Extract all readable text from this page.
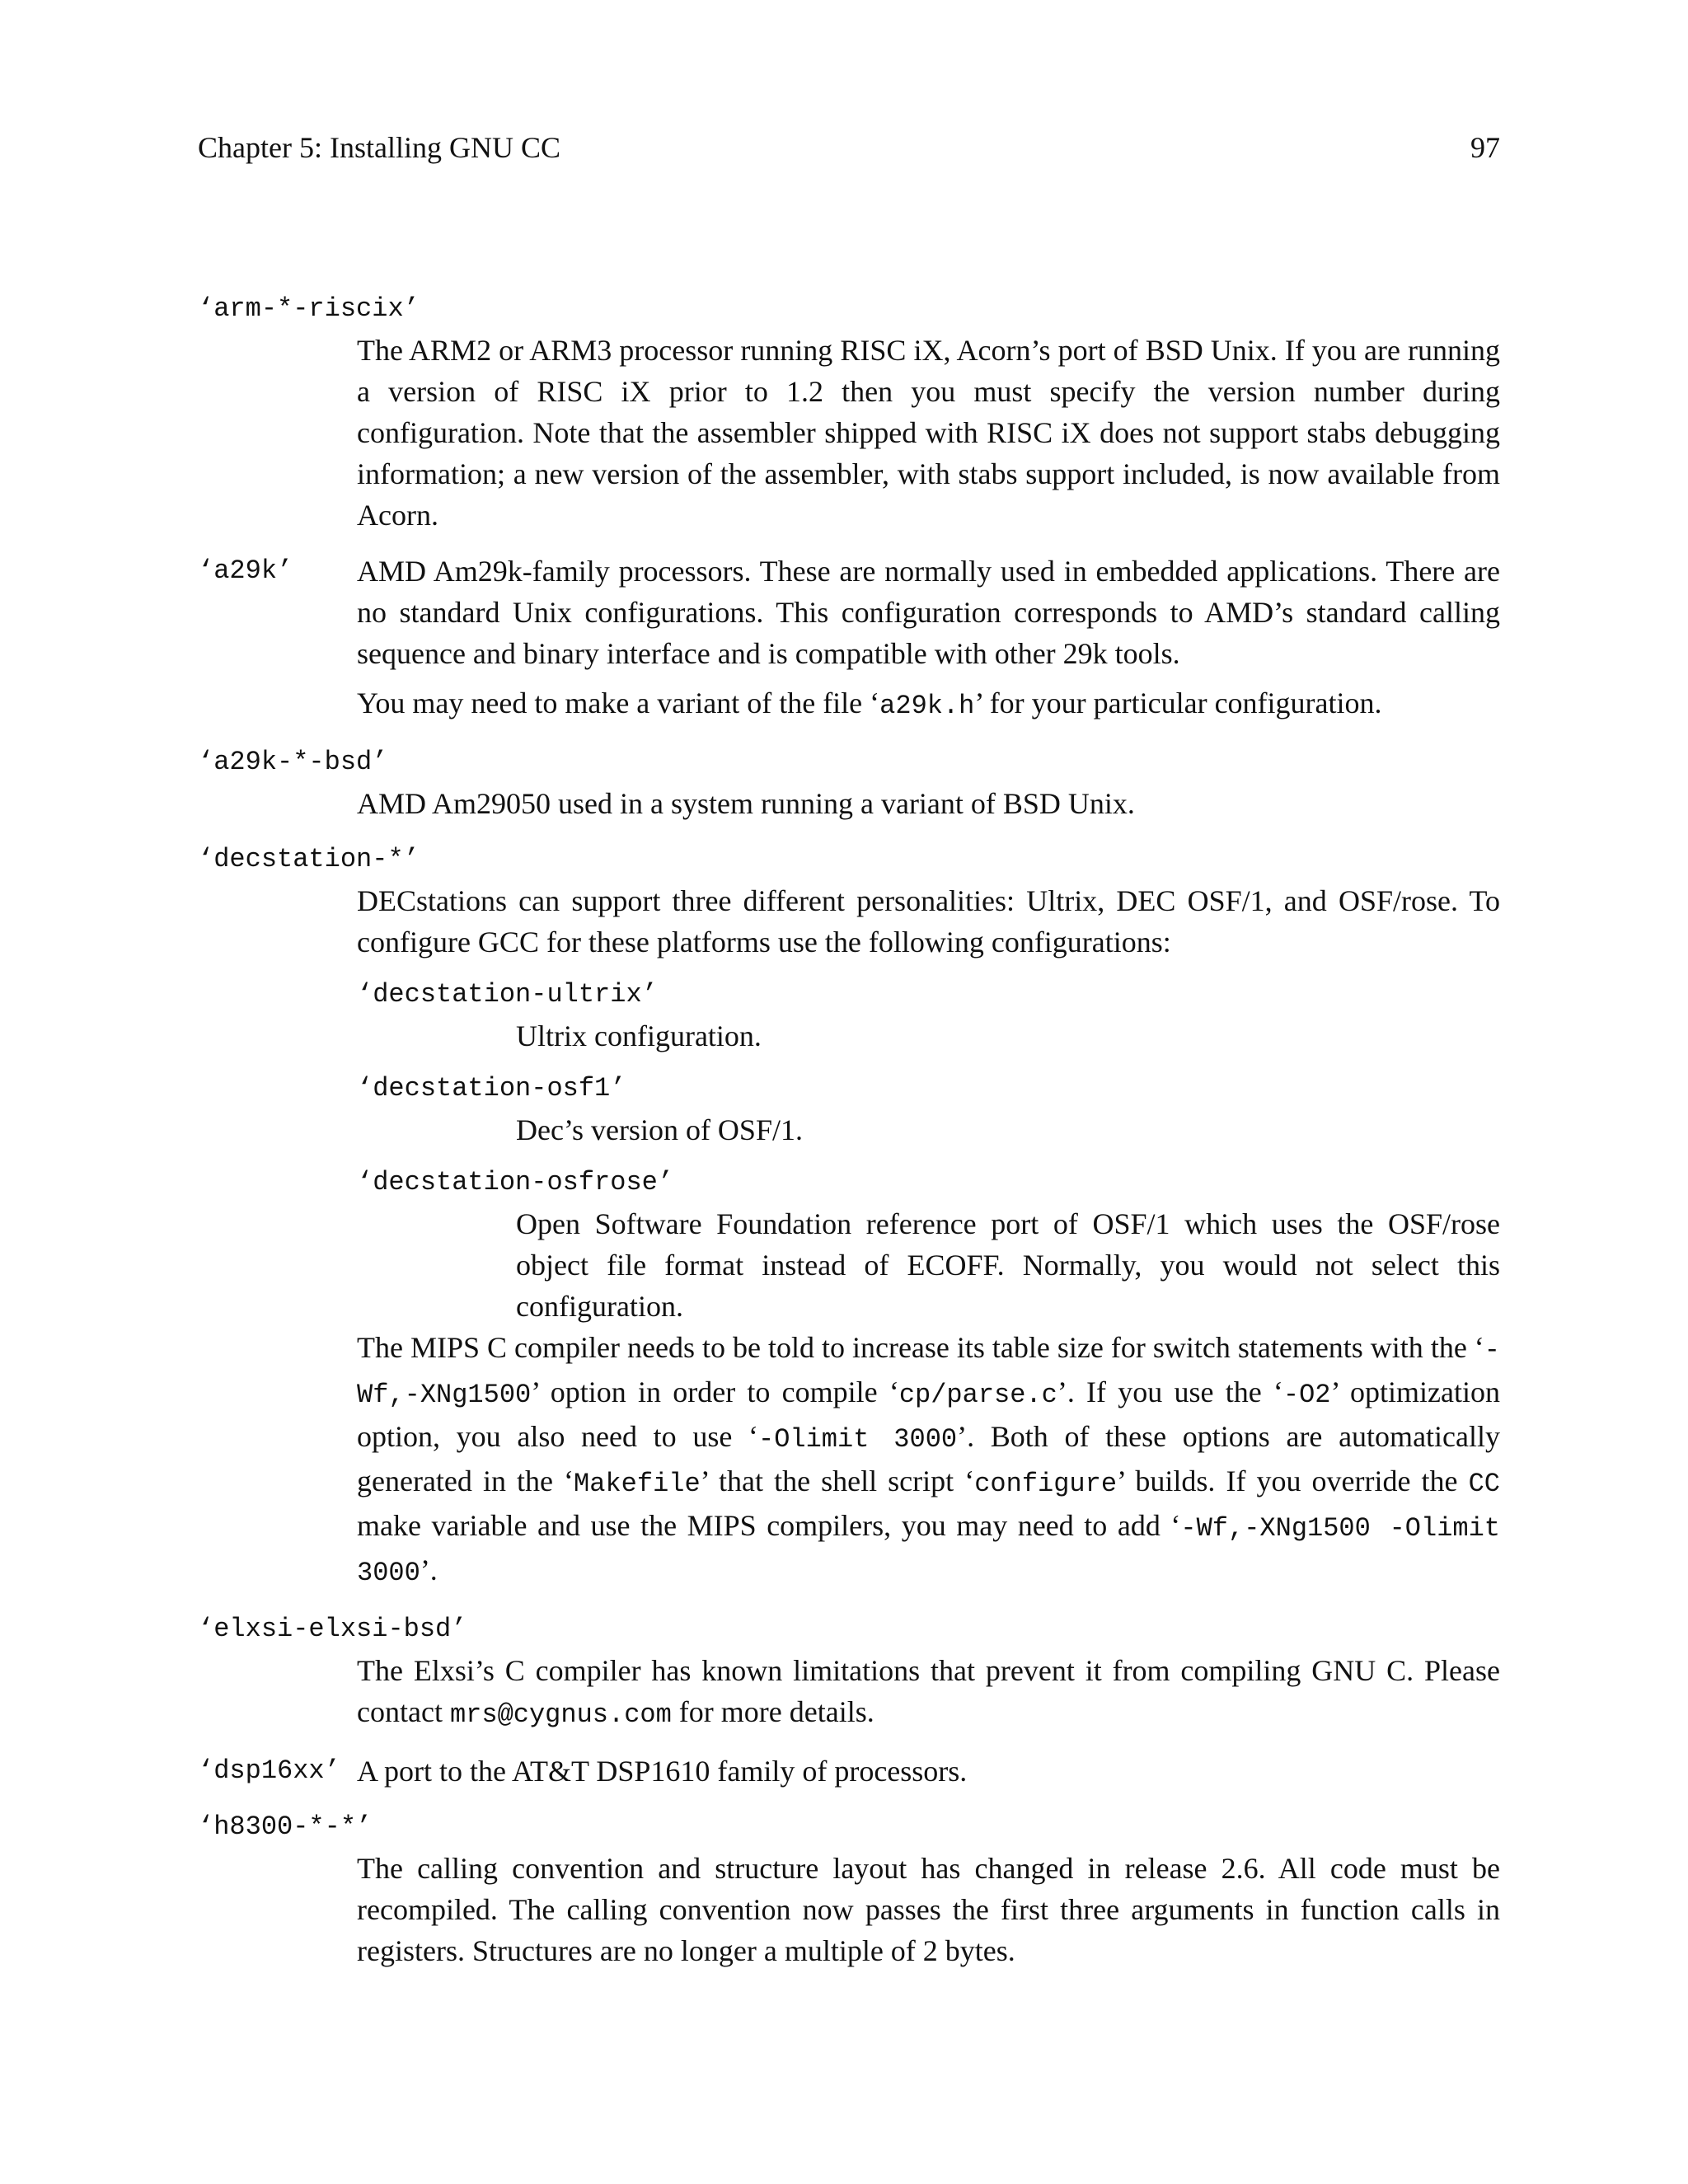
Chapter 5: Installing GNU CC	97
‘arm-*-riscix’

The ARM2 or ARM3 processor running RISC iX, Acorn’s port of BSD Unix. If you are running a version of RISC iX prior to 1.2 then you must specify the version number during configuration. Note that the assembler shipped with RISC iX does not support stabs debugging information; a new version of the assembler, with stabs support included, is now available from Acorn.

‘a29k’	AMD Am29k-family processors. These are normally used in embedded applications. There are no standard Unix configurations. This configuration corresponds to AMD’s standard calling sequence and binary interface and is compatible with other 29k tools.

You may need to make a variant of the file ‘a29k.h’ for your particular configuration.

‘a29k-*-bsd’

AMD Am29050 used in a system running a variant of BSD Unix.

‘decstation-*’

DECstations can support three different personalities: Ultrix, DEC OSF/1, and OSF/rose. To configure GCC for these platforms use the following configurations:

‘decstation-ultrix’
Ultrix configuration.
‘decstation-osf1’
Dec’s version of OSF/1.
‘decstation-osfrose’
Open Software Foundation reference port of OSF/1 which uses the OSF/rose object file format instead of ECOFF. Normally, you would not select this configuration.

The MIPS C compiler needs to be told to increase its table size for switch statements with the ‘-Wf,-XNg1500’ option in order to compile ‘cp/parse.c’. If you use the ‘-O2’ optimization option, you also need to use ‘-Olimit 3000’. Both of these options are automatically generated in the ‘Makefile’ that the shell script ‘configure’ builds. If you override the CC make variable and use the MIPS compilers, you may need to add ‘-Wf,-XNg1500 -Olimit 3000’.

‘elxsi-elxsi-bsd’

The Elxsi’s C compiler has known limitations that prevent it from compiling GNU C. Please contact mrs@cygnus.com for more details.

‘dsp16xx’ A port to the AT&T DSP1610 family of processors.

‘h8300-*-*’

The calling convention and structure layout has changed in release 2.6. All code must be recompiled. The calling convention now passes the first three arguments in function calls in registers. Structures are no longer a multiple of 2 bytes.
